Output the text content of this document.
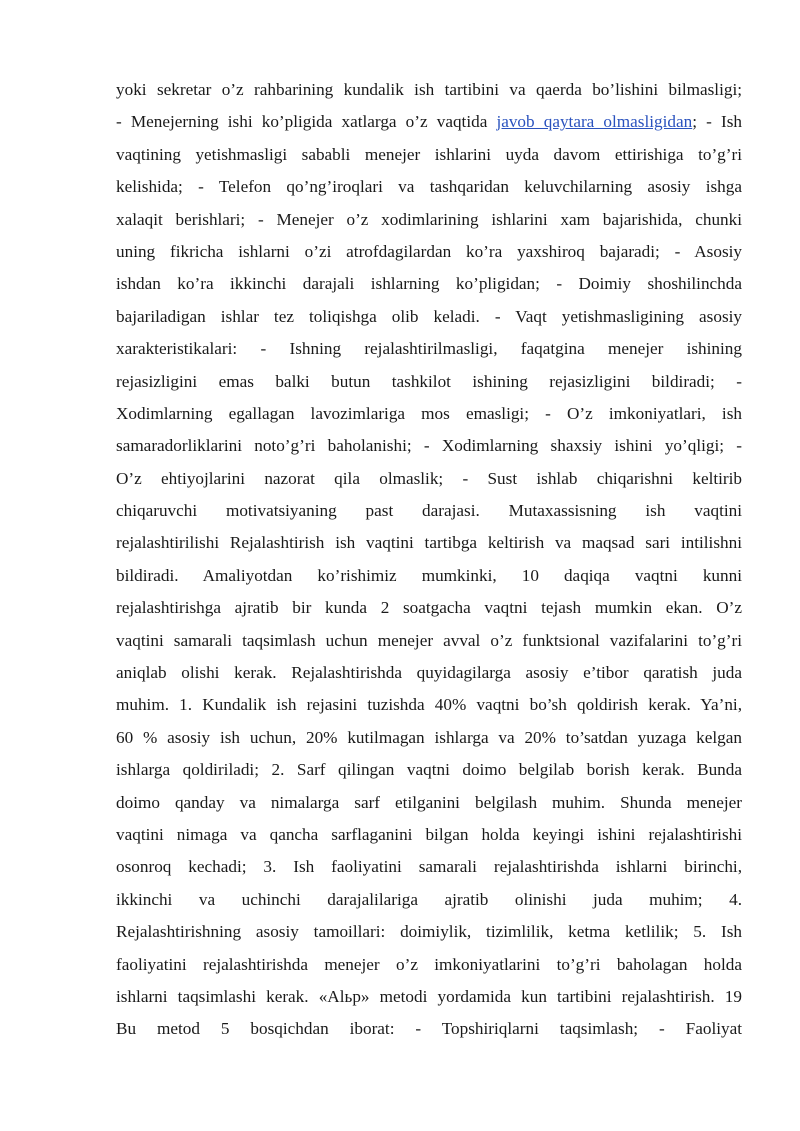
yoki sekretar o’z rahbarining kundalik ish tartibini va qaerda bo’lishini bilmasligi;
- Menejerning ishi ko’pligida xatlarga o’z vaqtida javob qaytara olmasligidan; - Ish
vaqtining yetishmasligi sababli menejer ishlarini uyda davom ettirishiga to’g’ri
kelishida; - Telefon qo’ng’iroqlari va tashqaridan keluvchilarning asosiy ishga
xalaqit berishlari; - Menejer o’z xodimlarining ishlarini xam bajarishida, chunki
uning fikricha ishlarni o’zi atrofdagilardan ko’ra yaxshiroq bajaradi; - Asosiy
ishdan ko’ra ikkinchi darajali ishlarning ko’pligidan; - Doimiy shoshilinchda
bajariladigan ishlar tez toliqishga olib keladi. - Vaqt yetishmasligining asosiy
xarakteristikalari: - Ishning rejalashtirilmasligi, faqatgina menejer ishining
rejasizligini emas balki butun tashkilot ishining rejasizligini bildiradi; -
Xodimlarning egallagan lavozimlariga mos emasligi; - O’z imkoniyatlari, ish
samaradorliklarini noto’g’ri baholanishi; - Xodimlarning shaxsiy ishini yo’qligi; -
O’z ehtiyojlarini nazorat qila olmaslik; - Sust ishlab chiqarishni keltirib
chiqaruvchi motivatsiyaning past darajasi. Mutaxassisning ish vaqtini
rejalashtirilishi Rejalashtirish ish vaqtini tartibga keltirish va maqsad sari intilishni
bildiradi. Amaliyotdan ko’rishimiz mumkinki, 10 daqiqa vaqtni kunni
rejalashtirishga ajratib bir kunda 2 soatgacha vaqtni tejash mumkin ekan. O’z
vaqtini samarali taqsimlash uchun menejer avval o’z funktsional vazifalarini to’g’ri
aniqlab olishi kerak. Rejalashtirishda quyidagilarga asosiy e’tibor qaratish juda
muhim. 1. Kundalik ish rejasini tuzishda 40% vaqtni bo’sh qoldirish kerak. Ya’ni,
60 % asosiy ish uchun, 20% kutilmagan ishlarga va 20% to’satdan yuzaga kelgan
ishlarga qoldiriladi; 2. Sarf qilingan vaqtni doimo belgilab borish kerak. Bunda
doimo qanday va nimalarga sarf etilganini belgilash muhim. Shunda menejer
vaqtini nimaga va qancha sarflaganini bilgan holda keyingi ishini rejalashtirishi
osonroq kechadi; 3. Ish faoliyatini samarali rejalashtirishda ishlarni birinchi,
ikkinchi va uchinchi darajalilariga ajratib olinishi juda muhim; 4.
Rejalashtirishning asosiy tamoillari: doimiylik, tizimlilik, ketma ketlilik; 5. Ish
faoliyatini rejalashtirishda menejer o’z imkoniyatlarini to’g’ri baholagan holda
ishlarni taqsimlashi kerak. «Alьp» metodi yordamida kun tartibini rejalashtirish. 19
Bu metod 5 bosqichdan iborat: - Topshiriqlarni taqsimlash; - Faoliyat
